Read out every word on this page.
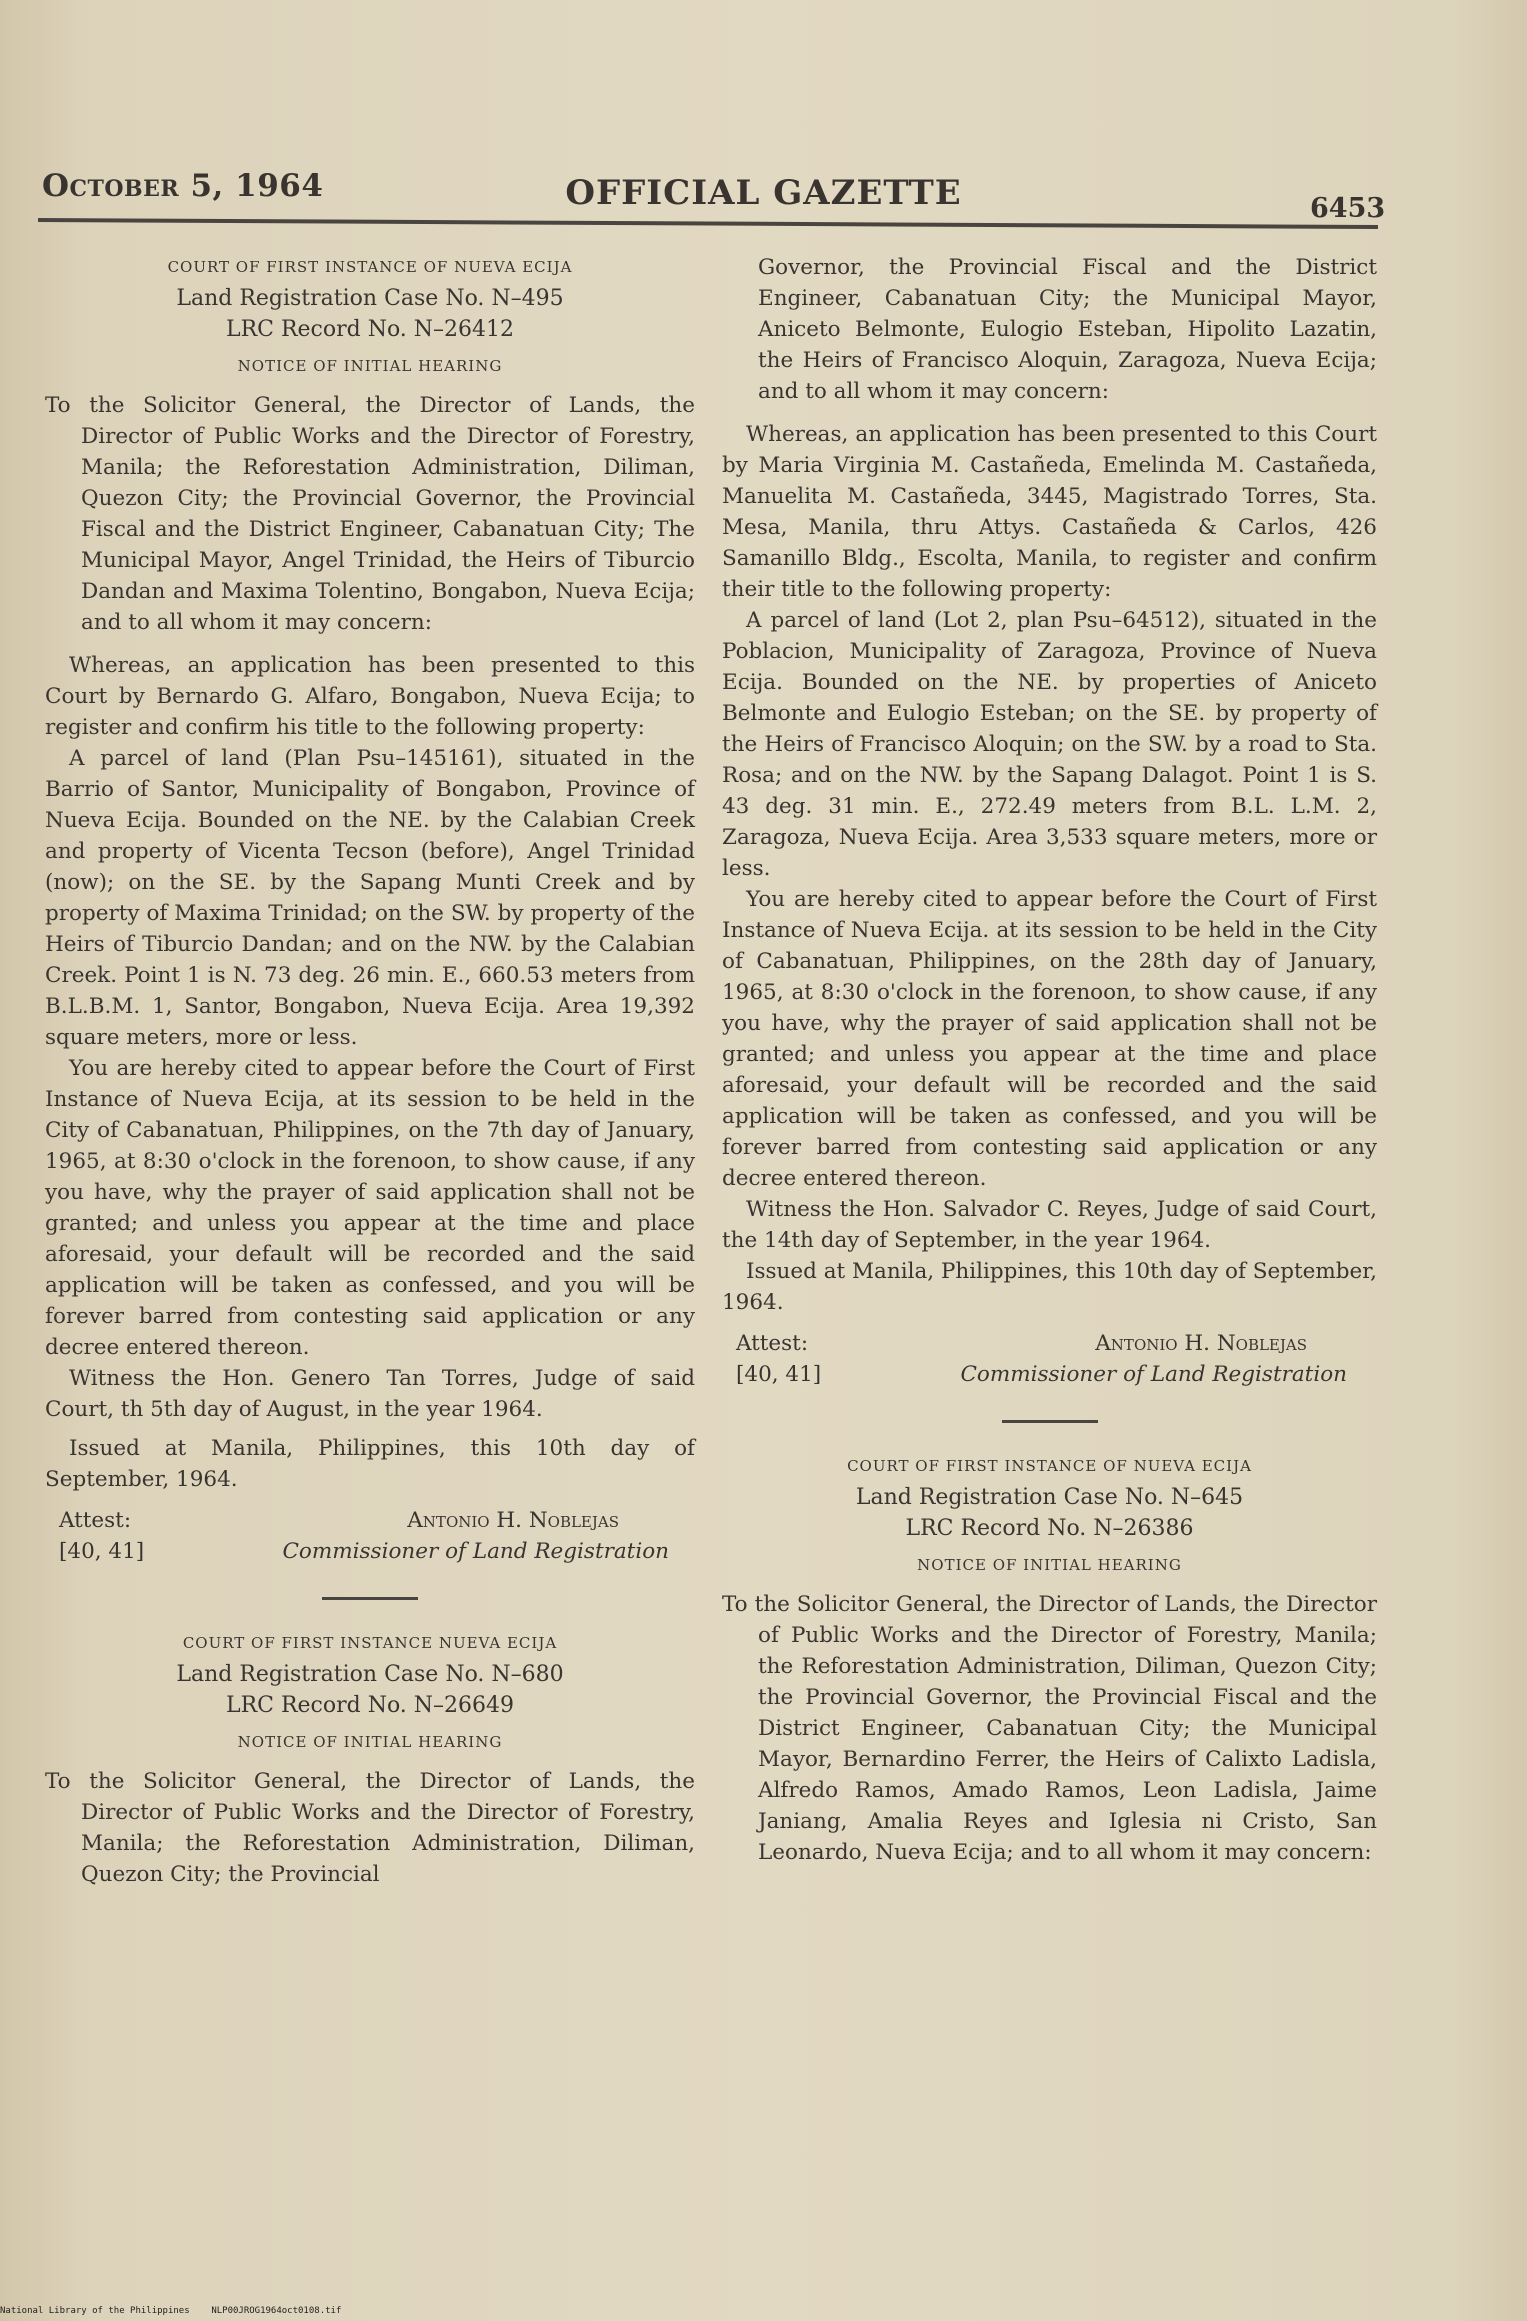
October 5, 1964	OFFICIAL GAZETTE	6453
COURT OF FIRST INSTANCE OF NUEVA ECIJA
Land Registration Case No. N–495
LRC Record No. N–26412
NOTICE OF INITIAL HEARING

To the Solicitor General, the Director of Lands, the Director of Public Works and the Director of Forestry, Manila; the Reforestation Administration, Diliman, Quezon City; the Provincial Governor, the Provincial Fiscal and the District Engineer, Cabanatuan City; The Municipal Mayor, Angel Trinidad, the Heirs of Tiburcio Dandan and Maxima Tolentino, Bongabon, Nueva Ecija; and to all whom it may concern:

Whereas, an application has been presented to this Court by Bernardo G. Alfaro, Bongabon, Nueva Ecija; to register and confirm his title to the following property:

A parcel of land (Plan Psu–145161), situated in the Barrio of Santor, Municipality of Bongabon, Province of Nueva Ecija. Bounded on the NE. by the Calabian Creek and property of Vicenta Tecson (before), Angel Trinidad (now); on the SE. by the Sapang Munti Creek and by property of Maxima Trinidad; on the SW. by property of the Heirs of Tiburcio Dandan; and on the NW. by the Calabian Creek. Point 1 is N. 73 deg. 26 min. E., 660.53 meters from B.L.B.M. 1, Santor, Bongabon, Nueva Ecija. Area 19,392 square meters, more or less.

You are hereby cited to appear before the Court of First Instance of Nueva Ecija, at its session to be held in the City of Cabanatuan, Philippines, on the 7th day of January, 1965, at 8:30 o'clock in the forenoon, to show cause, if any you have, why the prayer of said application shall not be granted; and unless you appear at the time and place aforesaid, your default will be recorded and the said application will be taken as confessed, and you will be forever barred from contesting said application or any decree entered thereon.

Witness the Hon. Genero Tan Torres, Judge of said Court, th 5th day of August, in the year 1964.

Issued at Manila, Philippines, this 10th day of September, 1964.

Attest:	Antonio H. Noblejas
[40, 41]	Commissioner of Land Registration
COURT OF FIRST INSTANCE NUEVA ECIJA
Land Registration Case No. N–680
LRC Record No. N–26649
NOTICE OF INITIAL HEARING

To the Solicitor General, the Director of Lands, the Director of Public Works and the Director of Forestry, Manila; the Reforestation Administration, Diliman, Quezon City; the Provincial

Governor, the Provincial Fiscal and the District Engineer, Cabanatuan City; the Municipal Mayor, Aniceto Belmonte, Eulogio Esteban, Hipolito Lazatin, the Heirs of Francisco Aloquin, Zaragoza, Nueva Ecija; and to all whom it may concern:

Whereas, an application has been presented to this Court by Maria Virginia M. Castañeda, Emelinda M. Castañeda, Manuelita M. Castañeda, 3445, Magistrado Torres, Sta. Mesa, Manila, thru Attys. Castañeda & Carlos, 426 Samanillo Bldg., Escolta, Manila, to register and confirm their title to the following property:

A parcel of land (Lot 2, plan Psu–64512), situated in the Poblacion, Municipality of Zaragoza, Province of Nueva Ecija. Bounded on the NE. by properties of Aniceto Belmonte and Eulogio Esteban; on the SE. by property of the Heirs of Francisco Aloquin; on the SW. by a road to Sta. Rosa; and on the NW. by the Sapang Dalagot. Point 1 is S. 43 deg. 31 min. E., 272.49 meters from B.L. L.M. 2, Zaragoza, Nueva Ecija. Area 3,533 square meters, more or less.

You are hereby cited to appear before the Court of First Instance of Nueva Ecija. at its session to be held in the City of Cabanatuan, Philippines, on the 28th day of January, 1965, at 8:30 o'clock in the forenoon, to show cause, if any you have, why the prayer of said application shall not be granted; and unless you appear at the time and place aforesaid, your default will be recorded and the said application will be taken as confessed, and you will be forever barred from contesting said application or any decree entered thereon.

Witness the Hon. Salvador C. Reyes, Judge of said Court, the 14th day of September, in the year 1964.

Issued at Manila, Philippines, this 10th day of September, 1964.

Attest:	Antonio H. Noblejas
[40, 41]	Commissioner of Land Registration
COURT OF FIRST INSTANCE OF NUEVA ECIJA
Land Registration Case No. N–645
LRC Record No. N–26386
NOTICE OF INITIAL HEARING

To the Solicitor General, the Director of Lands, the Director of Public Works and the Director of Forestry, Manila; the Reforestation Administration, Diliman, Quezon City; the Provincial Governor, the Provincial Fiscal and the District Engineer, Cabanatuan City; the Municipal Mayor, Bernardino Ferrer, the Heirs of Calixto Ladisla, Alfredo Ramos, Amado Ramos, Leon Ladisla, Jaime Janiang, Amalia Reyes and Iglesia ni Cristo, San Leonardo, Nueva Ecija; and to all whom it may concern:

National Library of the Philippines    NLP00JROG1964oct0108.tif
